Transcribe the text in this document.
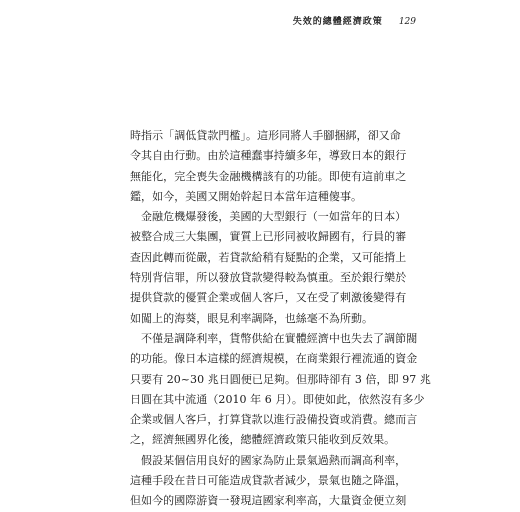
失效的總體經濟政策 129

時指示「調低貸款門檻」。這形同將人手腳捆綁，卻又命
令其自由行動。由於這種蠢事持續多年，導致日本的銀行
無能化，完全喪失金融機構該有的功能。即使有這前車之
鑑，如今，美國又開始幹起日本當年這種傻事。

金融危機爆發後，美國的大型銀行（一如當年的日本）
被整合成三大集團，實質上已形同被收歸國有，行員的審
查因此轉而從嚴，若貸款給稍有疑點的企業，又可能揹上
特別背信罪，所以發放貸款變得較為慎重。至於銀行樂於
提供貸款的優質企業或個人客戶，又在受了剌激後變得有
如闖上的海葵，眼見利率調降，也絲毫不為所動。

不僅是調降利率，貨幣供給在實體經濟中也失去了調節閥
的功能。像日本這樣的經濟規模，在商業銀行裡流通的資金
只要有 20~30 兆日圓便已足夠。但那時卻有 3 倍，即 97 兆
日圓在其中流通（2010 年 6 月）。即使如此，依然沒有多少
企業或個人客戶，打算貸款以進行設備投資或消費。總而言
之，經濟無國界化後，總體經濟政策只能收到反效果。

假設某個信用良好的國家為防止景氣過熱而調高利率，
這種手段在昔日可能造成貸款者減少，景氣也隨之降溫，
但如今的國際游資一發現這國家利率高，大量資金便立刻
